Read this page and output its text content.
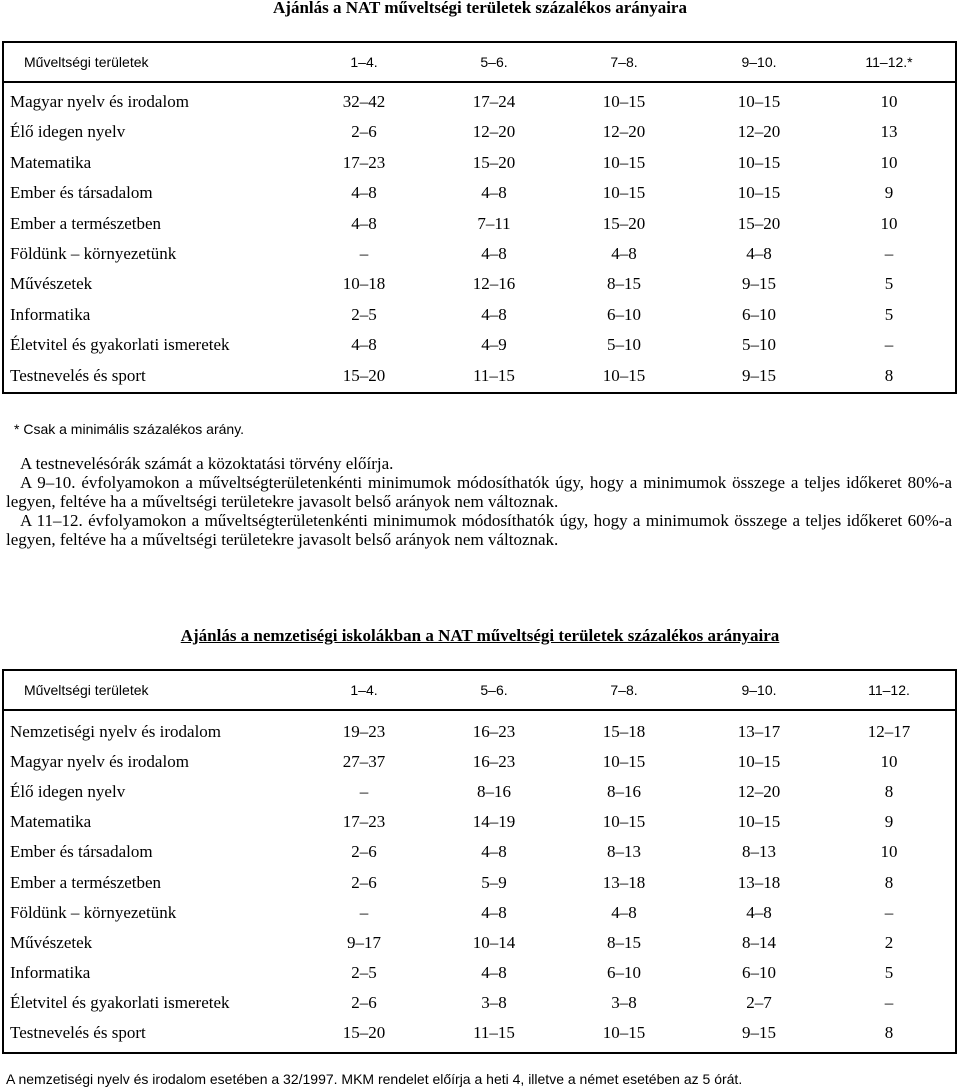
Ajánlás a NAT műveltségi területek százalékos arányaira
Műveltségi területek	1–4.	5–6.	7–8.	9–10.	11–12.*
Magyar nyelv és irodalom	32–42	17–24	10–15	10–15	10
Élő idegen nyelv	2–6	12–20	12–20	12–20	13
Matematika	17–23	15–20	10–15	10–15	10
Ember és társadalom	4–8	4–8	10–15	10–15	9
Ember a természetben	4–8	7–11	15–20	15–20	10
Földünk – környezetünk	–	4–8	4–8	4–8	–
Művészetek	10–18	12–16	8–15	9–15	5
Informatika	2–5	4–8	6–10	6–10	5
Életvitel és gyakorlati ismeretek	4–8	4–9	5–10	5–10	–
Testnevelés és sport	15–20	11–15	10–15	9–15	8
* Csak a minimális százalékos arány.

A testnevelésórák számát a közoktatási törvény előírja.

A 9–10. évfolyamokon a műveltségterületenkénti minimumok módosíthatók úgy, hogy a minimumok összege a teljes időkeret 80%-a legyen, feltéve ha a műveltségi területekre javasolt belső arányok nem változnak.

A 11–12. évfolyamokon a műveltségterületenkénti minimumok módosíthatók úgy, hogy a minimumok összege a teljes időkeret 60%-a legyen, feltéve ha a műveltségi területekre javasolt belső arányok nem változnak.

Ajánlás a nemzetiségi iskolákban a NAT műveltségi területek százalékos arányaira
Műveltségi területek	1–4.	5–6.	7–8.	9–10.	11–12.
Nemzetiségi nyelv és irodalom	19–23	16–23	15–18	13–17	12–17
Magyar nyelv és irodalom	27–37	16–23	10–15	10–15	10
Élő idegen nyelv	–	8–16	8–16	12–20	8
Matematika	17–23	14–19	10–15	10–15	9
Ember és társadalom	2–6	4–8	8–13	8–13	10
Ember a természetben	2–6	5–9	13–18	13–18	8
Földünk – környezetünk	–	4–8	4–8	4–8	–
Művészetek	9–17	10–14	8–15	8–14	2
Informatika	2–5	4–8	6–10	6–10	5
Életvitel és gyakorlati ismeretek	2–6	3–8	3–8	2–7	–
Testnevelés és sport	15–20	11–15	10–15	9–15	8
A nemzetiségi nyelv és irodalom esetében a 32/1997. MKM rendelet előírja a heti 4, illetve a német esetében az 5 órát.
